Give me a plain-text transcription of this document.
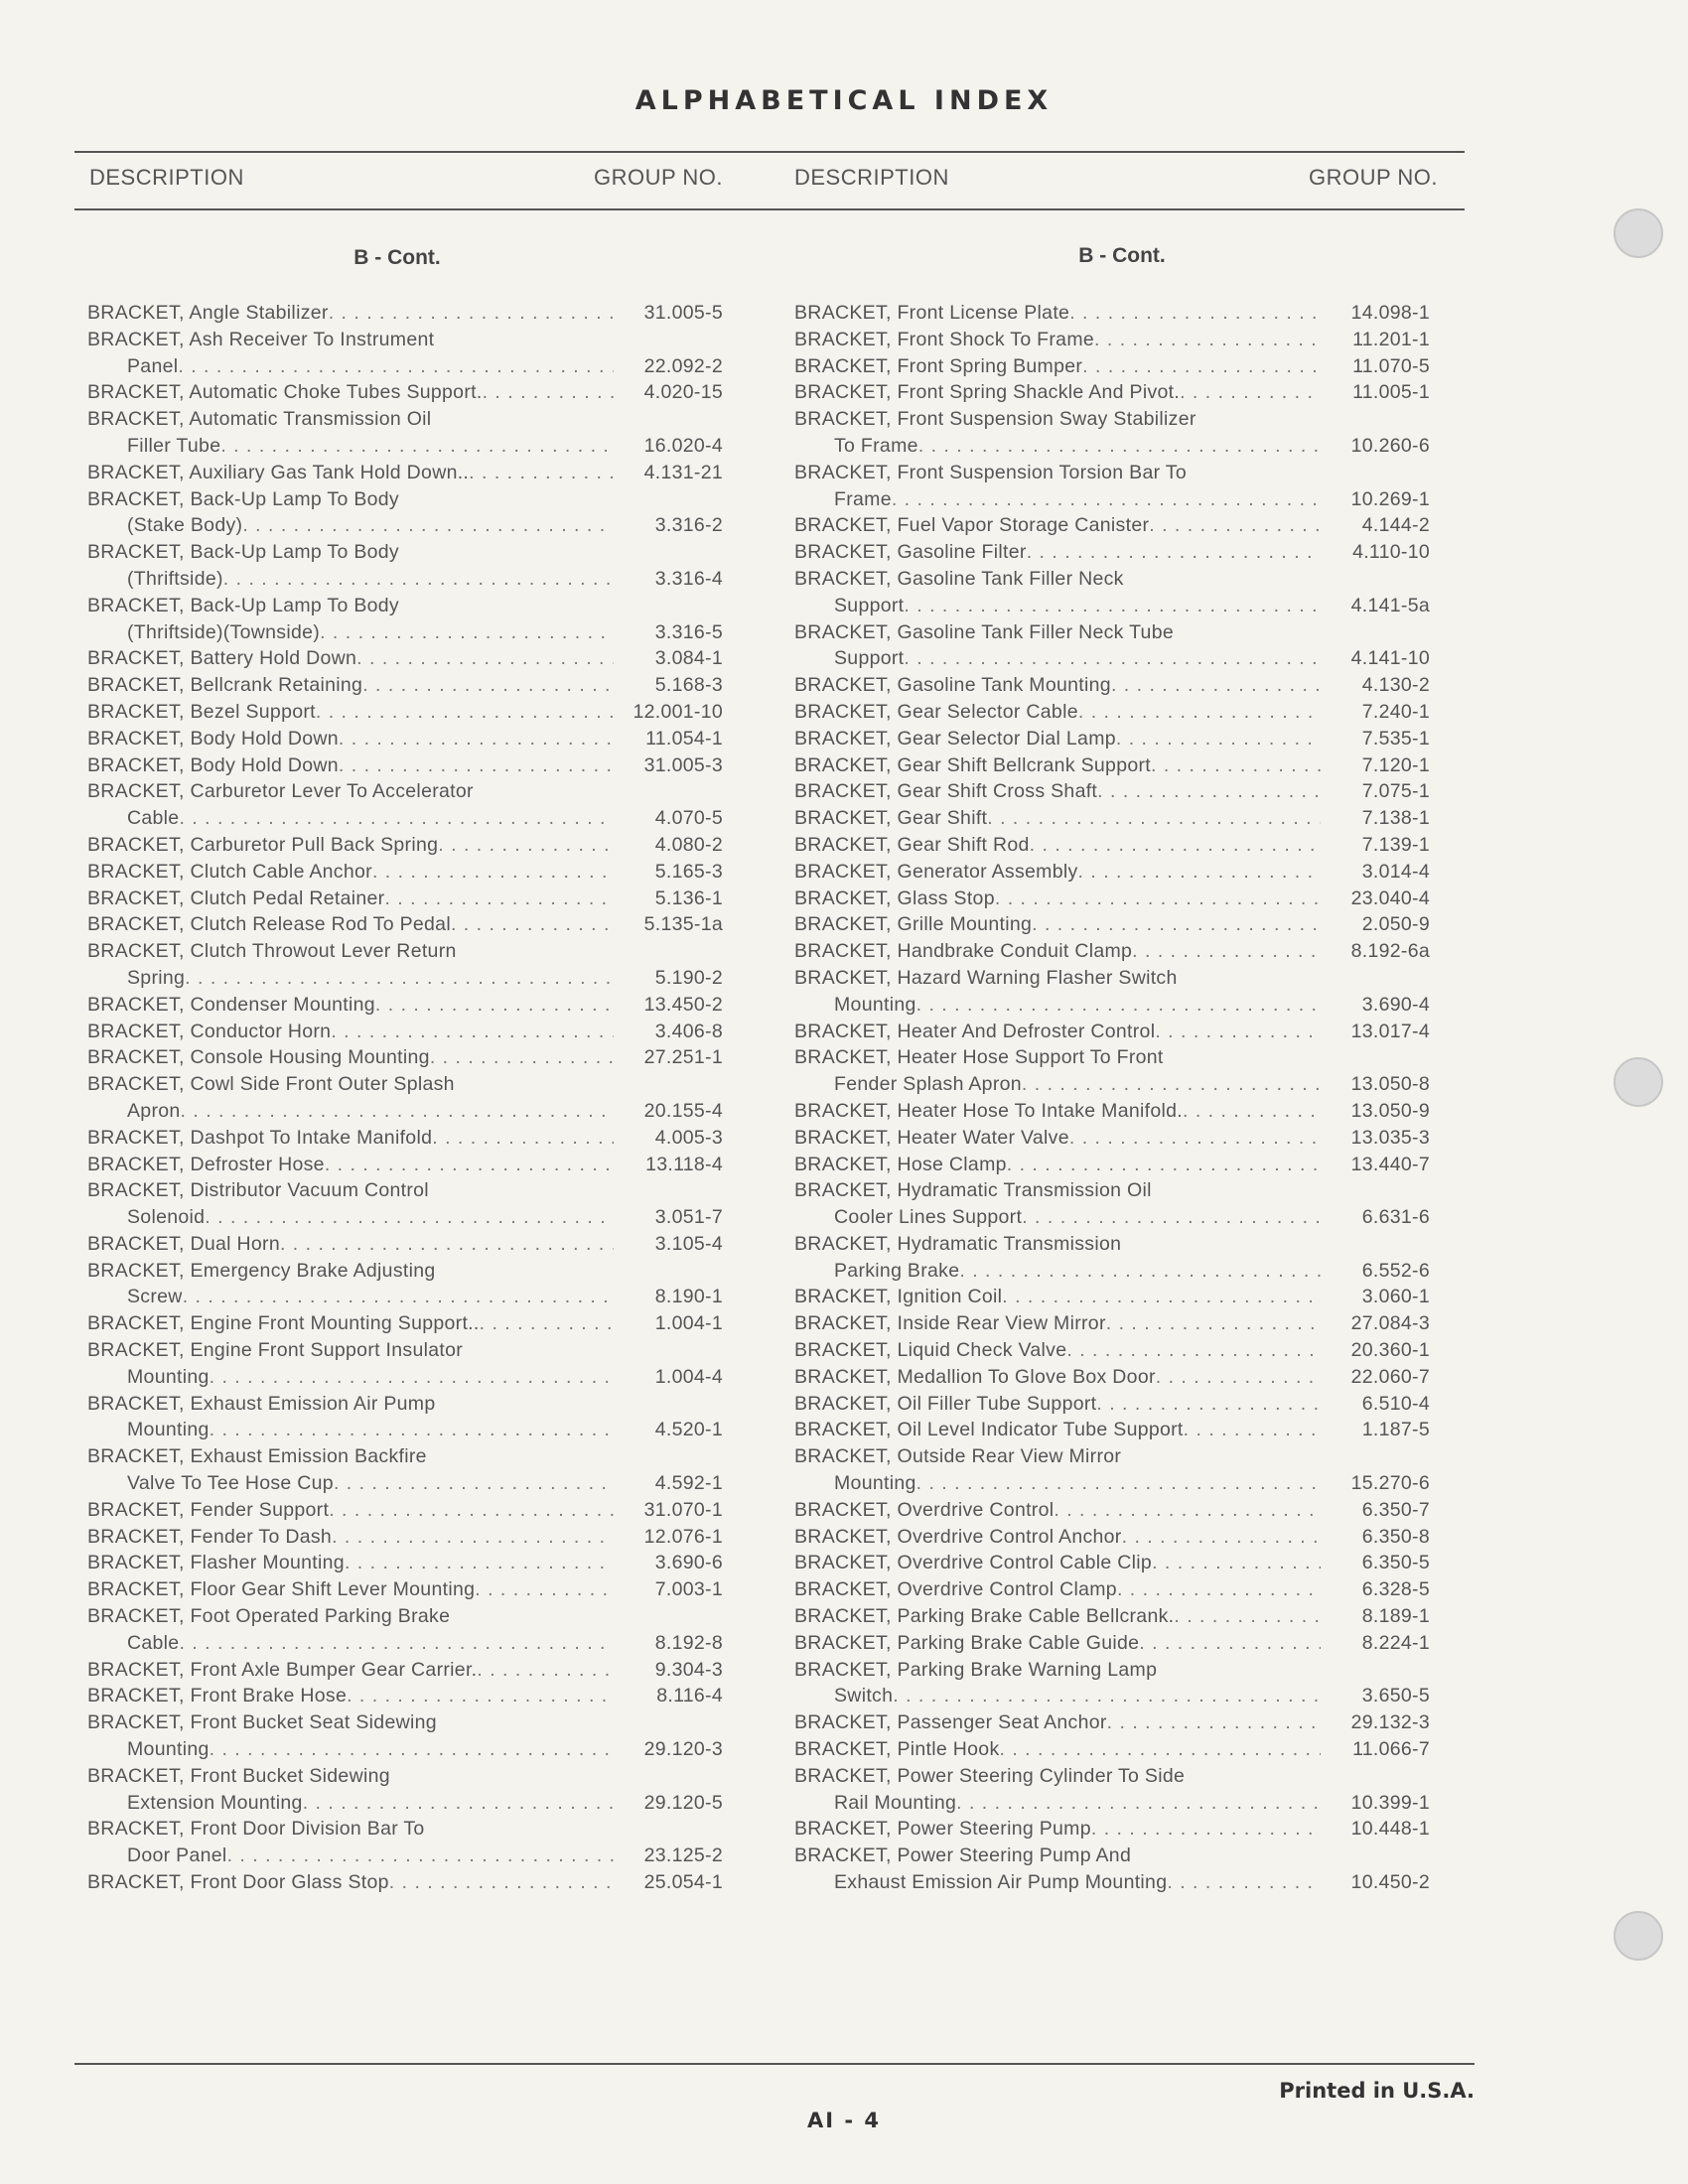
ALPHABETICAL INDEX
DESCRIPTION	GROUP NO.	DESCRIPTION	GROUP NO.
B - Cont.	B - Cont.
BRACKET, Angle Stabilizer . . .	31.005-5
BRACKET, Ash Receiver To Instrument
Panel . . .	22.092-2
BRACKET, Automatic Choke Tubes Support. . . .	4.020-15
BRACKET, Automatic Transmission Oil
Filler Tube . . .	16.020-4
BRACKET, Auxiliary Gas Tank Hold Down.. . . .	4.131-21
BRACKET, Back-Up Lamp To Body
(Stake Body) . . .	3.316-2
BRACKET, Back-Up Lamp To Body
(Thriftside) . . .	3.316-4
BRACKET, Back-Up Lamp To Body
(Thriftside)(Townside) . . .	3.316-5
BRACKET, Battery Hold Down . . .	3.084-1
BRACKET, Bellcrank Retaining . . .	5.168-3
BRACKET, Bezel Support . . .	12.001-10
BRACKET, Body Hold Down . . .	11.054-1
BRACKET, Body Hold Down . . .	31.005-3
BRACKET, Carburetor Lever To Accelerator
Cable . . .	4.070-5
BRACKET, Carburetor Pull Back Spring . . .	4.080-2
BRACKET, Clutch Cable Anchor . . .	5.165-3
BRACKET, Clutch Pedal Retainer . . .	5.136-1
BRACKET, Clutch Release Rod To Pedal . . .	5.135-1a
BRACKET, Clutch Throwout Lever Return
Spring . . .	5.190-2
BRACKET, Condenser Mounting . . .	13.450-2
BRACKET, Conductor Horn . . .	3.406-8
BRACKET, Console Housing Mounting . . .	27.251-1
BRACKET, Cowl Side Front Outer Splash
Apron . . .	20.155-4
BRACKET, Dashpot To Intake Manifold . . .	4.005-3
BRACKET, Defroster Hose . . .	13.118-4
BRACKET, Distributor Vacuum Control
Solenoid . . .	3.051-7
BRACKET, Dual Horn . . .	3.105-4
BRACKET, Emergency Brake Adjusting
Screw . . .	8.190-1
BRACKET, Engine Front Mounting Support.. . . .	1.004-1
BRACKET, Engine Front Support Insulator
Mounting . . .	1.004-4
BRACKET, Exhaust Emission Air Pump
Mounting . . .	4.520-1
BRACKET, Exhaust Emission Backfire
Valve To Tee Hose Cup . . .	4.592-1
BRACKET, Fender Support . . .	31.070-1
BRACKET, Fender To Dash . . .	12.076-1
BRACKET, Flasher Mounting . . .	3.690-6
BRACKET, Floor Gear Shift Lever Mounting . . .	7.003-1
BRACKET, Foot Operated Parking Brake
Cable . . .	8.192-8
BRACKET, Front Axle Bumper Gear Carrier. . . .	9.304-3
BRACKET, Front Brake Hose . . .	8.116-4
BRACKET, Front Bucket Seat Sidewing
Mounting . . .	29.120-3
BRACKET, Front Bucket Sidewing
Extension Mounting . . .	29.120-5
BRACKET, Front Door Division Bar To
Door Panel . . .	23.125-2
BRACKET, Front Door Glass Stop . . .	25.054-1
BRACKET, Front License Plate . . .	14.098-1
BRACKET, Front Shock To Frame . . .	11.201-1
BRACKET, Front Spring Bumper . . .	11.070-5
BRACKET, Front Spring Shackle And Pivot. . . .	11.005-1
BRACKET, Front Suspension Sway Stabilizer
To Frame . . .	10.260-6
BRACKET, Front Suspension Torsion Bar To
Frame . . .	10.269-1
BRACKET, Fuel Vapor Storage Canister . . .	4.144-2
BRACKET, Gasoline Filter . . .	4.110-10
BRACKET, Gasoline Tank Filler Neck
Support . . .	4.141-5a
BRACKET, Gasoline Tank Filler Neck Tube
Support . . .	4.141-10
BRACKET, Gasoline Tank Mounting . . .	4.130-2
BRACKET, Gear Selector Cable . . .	7.240-1
BRACKET, Gear Selector Dial Lamp . . .	7.535-1
BRACKET, Gear Shift Bellcrank Support . . .	7.120-1
BRACKET, Gear Shift Cross Shaft . . .	7.075-1
BRACKET, Gear Shift . . .	7.138-1
BRACKET, Gear Shift Rod . . .	7.139-1
BRACKET, Generator Assembly . . .	3.014-4
BRACKET, Glass Stop . . .	23.040-4
BRACKET, Grille Mounting . . .	2.050-9
BRACKET, Handbrake Conduit Clamp . . .	8.192-6a
BRACKET, Hazard Warning Flasher Switch
Mounting . . .	3.690-4
BRACKET, Heater And Defroster Control . . .	13.017-4
BRACKET, Heater Hose Support To Front
Fender Splash Apron . . .	13.050-8
BRACKET, Heater Hose To Intake Manifold. . . .	13.050-9
BRACKET, Heater Water Valve . . .	13.035-3
BRACKET, Hose Clamp . . .	13.440-7
BRACKET, Hydramatic Transmission Oil
Cooler Lines Support . . .	6.631-6
BRACKET, Hydramatic Transmission
Parking Brake . . .	6.552-6
BRACKET, Ignition Coil . . .	3.060-1
BRACKET, Inside Rear View Mirror . . .	27.084-3
BRACKET, Liquid Check Valve . . .	20.360-1
BRACKET, Medallion To Glove Box Door . . .	22.060-7
BRACKET, Oil Filler Tube Support . . .	6.510-4
BRACKET, Oil Level Indicator Tube Support . . .	1.187-5
BRACKET, Outside Rear View Mirror
Mounting . . .	15.270-6
BRACKET, Overdrive Control . . .	6.350-7
BRACKET, Overdrive Control Anchor . . .	6.350-8
BRACKET, Overdrive Control Cable Clip . . .	6.350-5
BRACKET, Overdrive Control Clamp . . .	6.328-5
BRACKET, Parking Brake Cable Bellcrank. . . .	8.189-1
BRACKET, Parking Brake Cable Guide . . .	8.224-1
BRACKET, Parking Brake Warning Lamp
Switch . . .	3.650-5
BRACKET, Passenger Seat Anchor . . .	29.132-3
BRACKET, Pintle Hook . . .	11.066-7
BRACKET, Power Steering Cylinder To Side
Rail Mounting . . .	10.399-1
BRACKET, Power Steering Pump . . .	10.448-1
BRACKET, Power Steering Pump And
Exhaust Emission Air Pump Mounting . . .	10.450-2
Printed in U.S.A.
AI - 4
